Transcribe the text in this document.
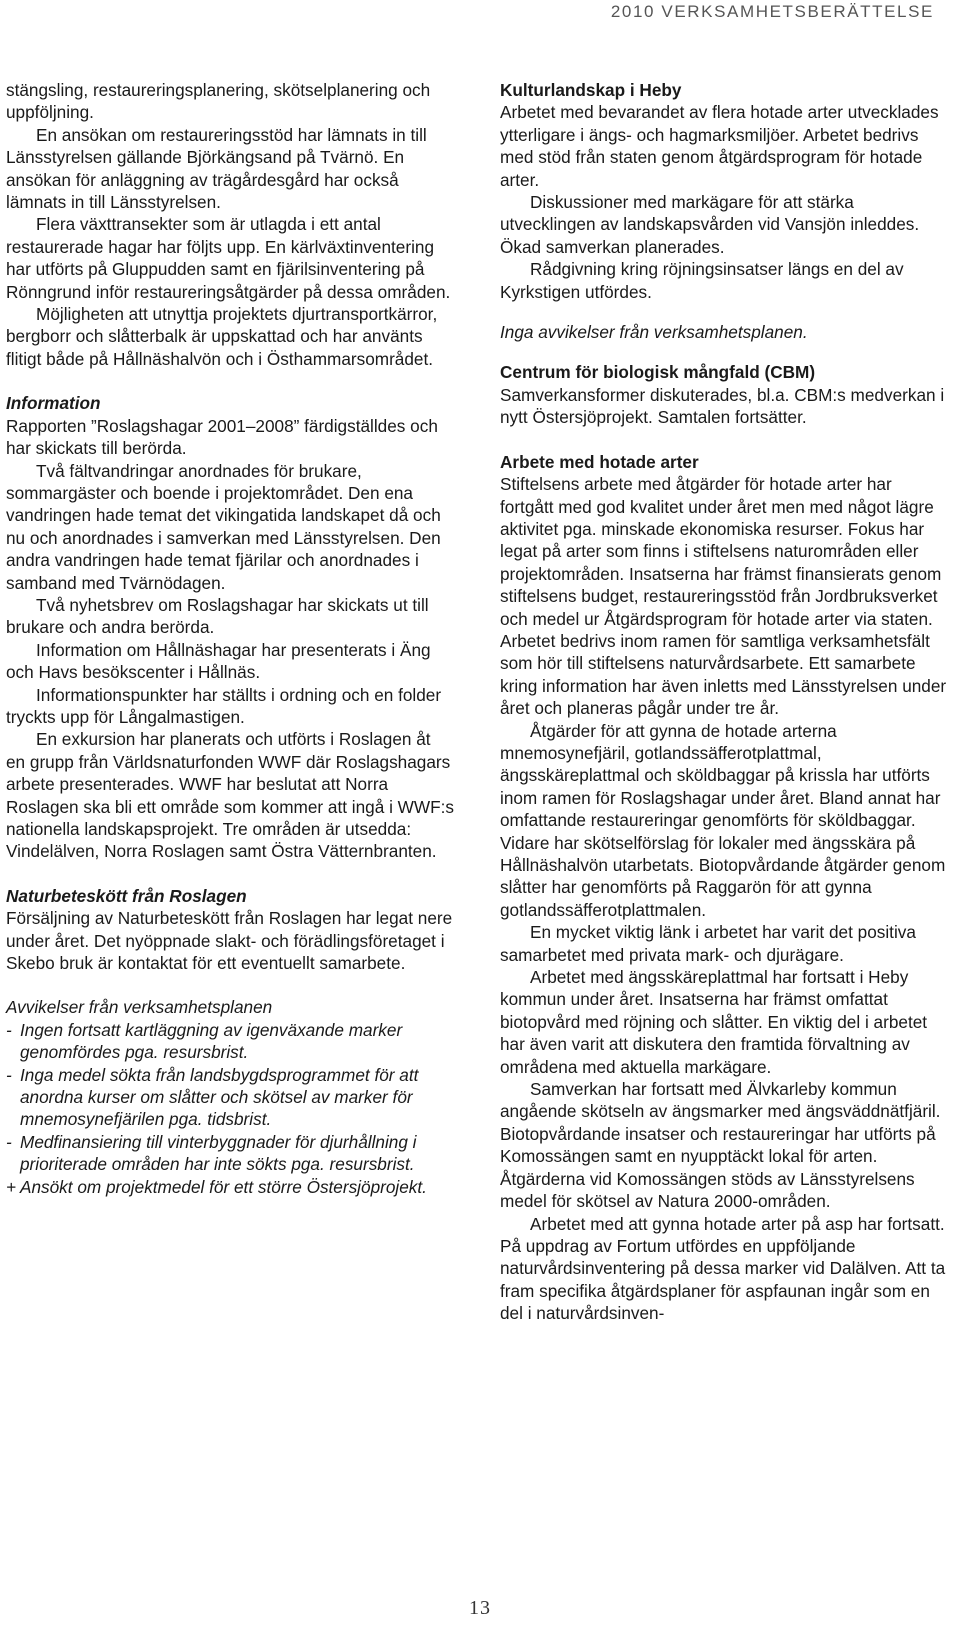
2010 VERKSAMHETSBERÄTTELSE

stängsling, restaureringsplanering, skötselplanering och uppföljning.

En ansökan om restaureringsstöd har lämnats in till Länsstyrelsen gällande Björkängsand på Tvärnö. En ansökan för anläggning av trägårdesgård har också lämnats in till Länsstyrelsen.

Flera växttransekter som är utlagda i ett antal restaurerade hagar har följts upp. En kärlväxtinventering har utförts på Gluppudden samt en fjärilsinventering på Rönngrund inför restaureringsåtgärder på dessa områden.

Möjligheten att utnyttja projektets djurtransportkärror, bergborr och slåtterbalk är uppskattad och har använts flitigt både på Hållnäshalvön och i Östhammarsområdet.

Information

Rapporten ”Roslagshagar 2001–2008” färdigställdes och har skickats till berörda.

Två fältvandringar anordnades för brukare, sommargäster och boende i projektområdet. Den ena vandringen hade temat det vikingatida landskapet då och nu och anordnades i samverkan med Länsstyrelsen. Den andra vandringen hade temat fjärilar och anordnades i samband med Tvärnödagen.

Två nyhetsbrev om Roslagshagar har skickats ut till brukare och andra berörda.

Information om Hållnäshagar har presenterats i Äng och Havs besökscenter i Hållnäs.

Informationspunkter har ställts i ordning och en folder tryckts upp för Långalmastigen.

En exkursion har planerats och utförts i Roslagen åt en grupp från Världsnaturfonden WWF där Roslagshagars arbete presenterades. WWF har beslutat att Norra Roslagen ska bli ett område som kommer att ingå i WWF:s nationella landskapsprojekt. Tre områden är utsedda: Vindelälven, Norra Roslagen samt Östra Vätternbranten.

Naturbeteskött från Roslagen

Försäljning av Naturbeteskött från Roslagen har legat nere under året. Det nyöppnade slakt- och förädlingsföretaget i Skebo bruk är kontaktat för ett eventuellt samarbete.

Avvikelser från verksamhetsplanen

- Ingen fortsatt kartläggning av igenväxande marker genomfördes pga. resursbrist.
- Inga medel sökta från landsbygdsprogrammet för att anordna kurser om slåtter och skötsel av marker för mnemosynefjärilen pga. tidsbrist.
- Medfinansiering till vinterbyggnader för djurhållning i prioriterade områden har inte sökts pga. resursbrist.
+ Ansökt om projektmedel för ett större Östersjöprojekt.

Kulturlandskap i Heby

Arbetet med bevarandet av flera hotade arter utvecklades ytterligare i ängs- och hagmarksmiljöer. Arbetet bedrivs med stöd från staten genom åtgärdsprogram för hotade arter.

Diskussioner med markägare för att stärka utvecklingen av landskapsvården vid Vansjön inleddes. Ökad samverkan planerades.

Rådgivning kring röjningsinsatser längs en del av Kyrkstigen utfördes.

Inga avvikelser från verksamhetsplanen.

Centrum för biologisk mångfald (CBM)

Samverkansformer diskuterades, bl.a. CBM:s medverkan i nytt Östersjöprojekt. Samtalen fortsätter.

Arbete med hotade arter

Stiftelsens arbete med åtgärder för hotade arter har fortgått med god kvalitet under året men med något lägre aktivitet pga. minskade ekonomiska resurser. Fokus har legat på arter som finns i stiftelsens naturområden eller projektområden. Insatserna har främst finansierats genom stiftelsens budget, restaureringsstöd från Jordbruksverket och medel ur Åtgärdsprogram för hotade arter via staten. Arbetet bedrivs inom ramen för samtliga verksamhetsfält som hör till stiftelsens naturvårdsarbete. Ett samarbete kring information har även inletts med Länsstyrelsen under året och planeras pågår under tre år.

Åtgärder för att gynna de hotade arterna mnemosynefjäril, gotlandssäfferotplattmal, ängsskäreplattmal och sköldbaggar på krissla har utförts inom ramen för Roslagshagar under året. Bland annat har omfattande restaureringar genomförts för sköldbaggar. Vidare har skötselförslag för lokaler med ängsskära på Hållnäshalvön utarbetats. Biotopvårdande åtgärder genom slåtter har genomförts på Raggarön för att gynna gotlandssäfferotplattmalen.

En mycket viktig länk i arbetet har varit det positiva samarbetet med privata mark- och djurägare.

Arbetet med ängsskäreplattmal har fortsatt i Heby kommun under året. Insatserna har främst omfattat biotopvård med röjning och slåtter. En viktig del i arbetet har även varit att diskutera den framtida förvaltning av områdena med aktuella markägare.

Samverkan har fortsatt med Älvkarleby kommun angående skötseln av ängsmarker med ängsväddnätfjäril. Biotopvårdande insatser och restaureringar har utförts på Komossängen samt en nyupptäckt lokal för arten. Åtgärderna vid Komossängen stöds av Länsstyrelsens medel för skötsel av Natura 2000-områden.

Arbetet med att gynna hotade arter på asp har fortsatt. På uppdrag av Fortum utfördes en uppföljande naturvårdsinventering på dessa marker vid Dalälven. Att ta fram specifika åtgärdsplaner för aspfaunan ingår som en del i naturvårdsinven-

13
